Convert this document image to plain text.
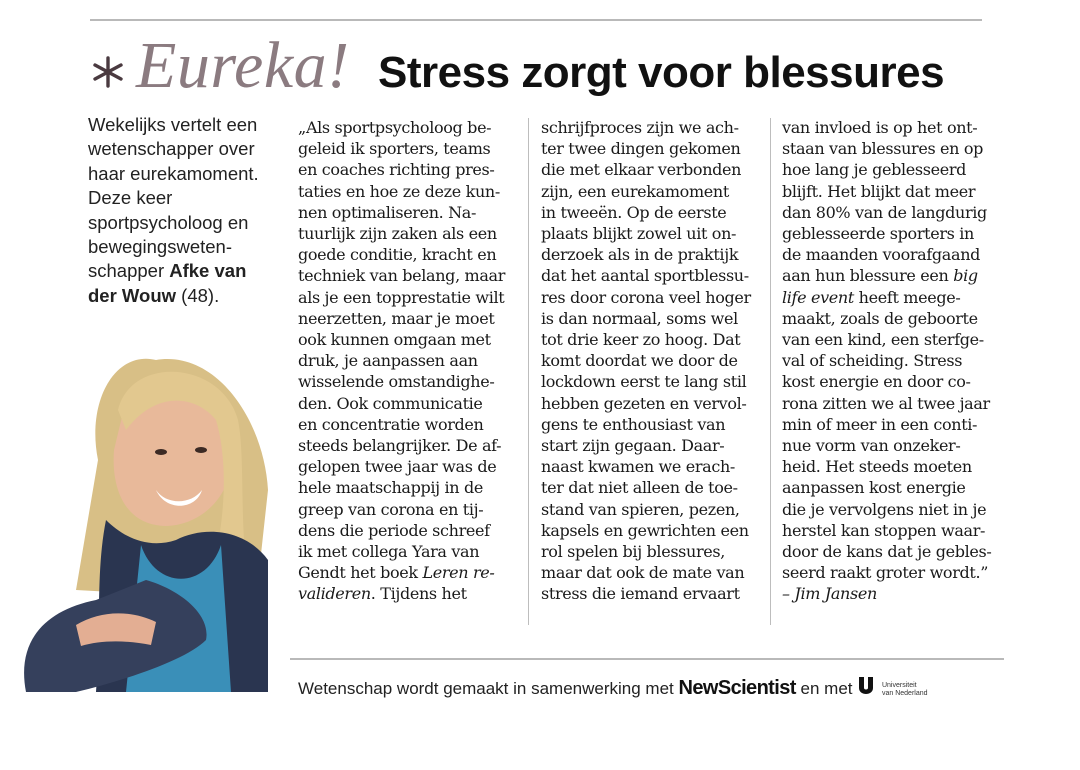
Eureka! Stress zorgt voor blessures
Wekelijks vertelt een
wetenschapper over
haar eurekamoment.
Deze keer
sportpsycholoog en
bewegingsweten-
schapper Afke van
der Wouw (48).
„Als sportpsycholoog be-
geleid ik sporters, teams
en coaches richting pres-
taties en hoe ze deze kun-
nen optimaliseren. Na-
tuurlijk zijn zaken als een
goede conditie, kracht en
techniek van belang, maar
als je een topprestatie wilt
neerzetten, maar je moet
ook kunnen omgaan met
druk, je aanpassen aan
wisselende omstandighe-
den. Ook communicatie
en concentratie worden
steeds belangrijker. De af-
gelopen twee jaar was de
hele maatschappij in de
greep van corona en tij-
dens die periode schreef
ik met collega Yara van
Gendt het boek Leren re-
valideren. Tijdens het
schrijfproces zijn we ach-
ter twee dingen gekomen
die met elkaar verbonden
zijn, een eurekamoment
in tweeën. Op de eerste
plaats blijkt zowel uit on-
derzoek als in de praktijk
dat het aantal sportblessu-
res door corona veel hoger
is dan normaal, soms wel
tot drie keer zo hoog. Dat
komt doordat we door de
lockdown eerst te lang stil
hebben gezeten en vervol-
gens te enthousiast van
start zijn gegaan. Daar-
naast kwamen we erach-
ter dat niet alleen de toe-
stand van spieren, pezen,
kapsels en gewrichten een
rol spelen bij blessures,
maar dat ook de mate van
stress die iemand ervaart
van invloed is op het ont-
staan van blessures en op
hoe lang je geblesseerd
blijft. Het blijkt dat meer
dan 80% van de langdurig
geblesseerde sporters in
de maanden voorafgaand
aan hun blessure een big
life event heeft meege-
maakt, zoals de geboorte
van een kind, een sterfge-
val of scheiding. Stress
kost energie en door co-
rona zitten we al twee jaar
min of meer in een conti-
nue vorm van onzeker-
heid. Het steeds moeten
aanpassen kost energie
die je vervolgens niet in je
herstel kan stoppen waar-
door de kans dat je gebles-
seerd raakt groter wordt.”
– Jim Jansen
Wetenschap wordt gemaakt in samenwerking met NewScientist en met	Universiteit
van Nederland
